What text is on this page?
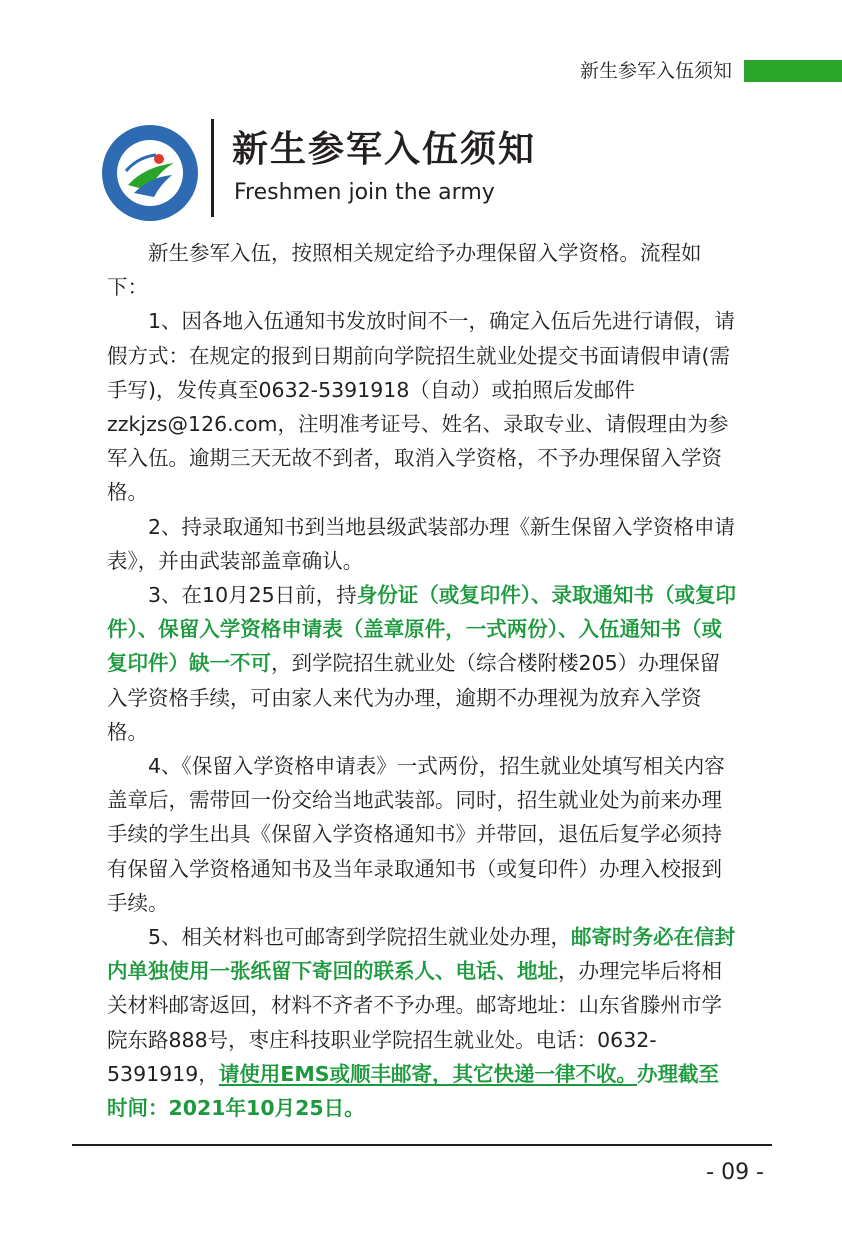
新生参军入伍须知
新生参军入伍须知
Freshmen join the army

新生参军入伍，按照相关规定给予办理保留入学资格。流程如下：

1、因各地入伍通知书发放时间不一，确定入伍后先进行请假，请假方式：在规定的报到日期前向学院招生就业处提交书面请假申请(需手写)，发传真至0632-5391918（自动）或拍照后发邮件zzkjzs@126.com，注明准考证号、姓名、录取专业、请假理由为参军入伍。逾期三天无故不到者，取消入学资格，不予办理保留入学资格。

2、持录取通知书到当地县级武装部办理《新生保留入学资格申请表》，并由武装部盖章确认。

3、在10月25日前，持身份证（或复印件）、录取通知书（或复印件）、保留入学资格申请表（盖章原件，一式两份）、入伍通知书（或复印件）缺一不可，到学院招生就业处（综合楼附楼205）办理保留入学资格手续，可由家人来代为办理，逾期不办理视为放弃入学资格。

4、《保留入学资格申请表》一式两份，招生就业处填写相关内容盖章后，需带回一份交给当地武装部。同时，招生就业处为前来办理手续的学生出具《保留入学资格通知书》并带回，退伍后复学必须持有保留入学资格通知书及当年录取通知书（或复印件）办理入校报到手续。

5、相关材料也可邮寄到学院招生就业处办理，邮寄时务必在信封内单独使用一张纸留下寄回的联系人、电话、地址，办理完毕后将相关材料邮寄返回，材料不齐者不予办理。邮寄地址：山东省滕州市学院东路888号，枣庄科技职业学院招生就业处。电话：0632-5391919，请使用EMS或顺丰邮寄，其它快递一律不收。办理截至时间：2021年10月25日。

- 09 -
